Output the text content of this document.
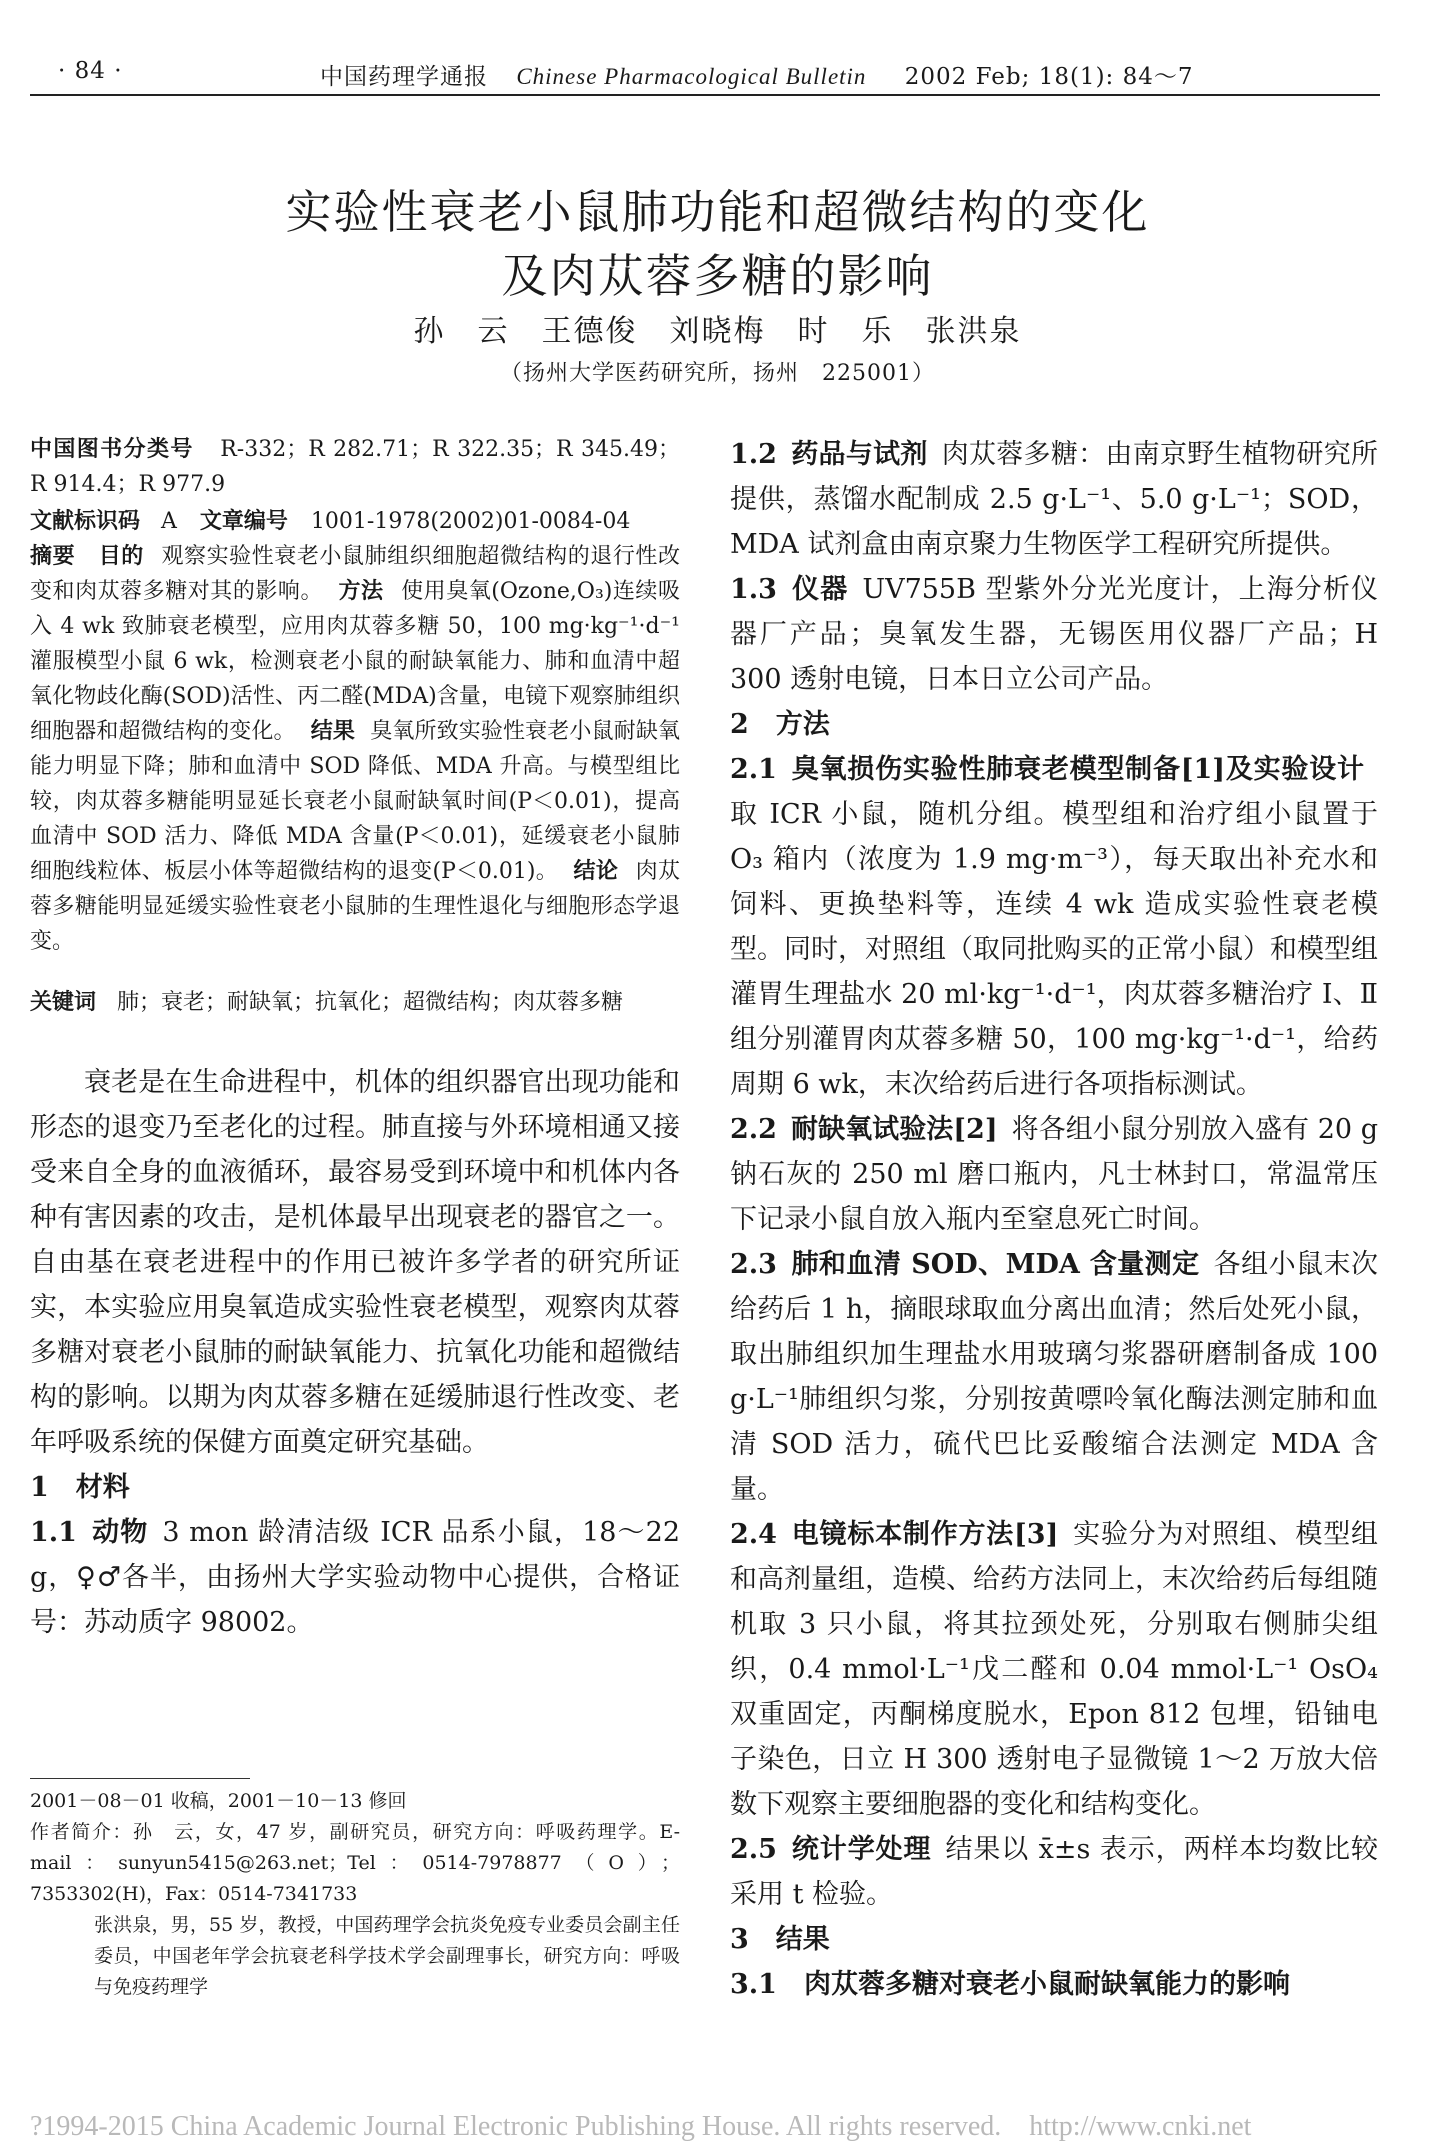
· 84 ·	中国药理学通报 Chinese Pharmacological Bulletin 2002 Feb; 18(1): 84～7
实验性衰老小鼠肺功能和超微结构的变化
及肉苁蓉多糖的影响
孙　云　王德俊　刘晓梅　时　乐　张洪泉
（扬州大学医药研究所，扬州　225001）

中国图书分类号 R-332；R 282.71；R 322.35；R 345.49；R 914.4；R 977.9

文献标识码 A 文章编号 1001-1978(2002)01-0084-04

摘要 目的 观察实验性衰老小鼠肺组织细胞超微结构的退行性改变和肉苁蓉多糖对其的影响。 方法 使用臭氧(Ozone,O₃)连续吸入 4 wk 致肺衰老模型，应用肉苁蓉多糖 50，100 mg·kg⁻¹·d⁻¹灌服模型小鼠 6 wk，检测衰老小鼠的耐缺氧能力、肺和血清中超氧化物歧化酶(SOD)活性、丙二醛(MDA)含量，电镜下观察肺组织细胞器和超微结构的变化。 结果 臭氧所致实验性衰老小鼠耐缺氧能力明显下降；肺和血清中 SOD 降低、MDA 升高。与模型组比较，肉苁蓉多糖能明显延长衰老小鼠耐缺氧时间(P＜0.01)，提高血清中 SOD 活力、降低 MDA 含量(P＜0.01)，延缓衰老小鼠肺细胞线粒体、板层小体等超微结构的退变(P＜0.01)。 结论 肉苁蓉多糖能明显延缓实验性衰老小鼠肺的生理性退化与细胞形态学退变。

关键词 肺；衰老；耐缺氧；抗氧化；超微结构；肉苁蓉多糖

衰老是在生命进程中，机体的组织器官出现功能和形态的退变乃至老化的过程。肺直接与外环境相通又接受来自全身的血液循环，最容易受到环境中和机体内各种有害因素的攻击，是机体最早出现衰老的器官之一。自由基在衰老进程中的作用已被许多学者的研究所证实，本实验应用臭氧造成实验性衰老模型，观察肉苁蓉多糖对衰老小鼠肺的耐缺氧能力、抗氧化功能和超微结构的影响。以期为肉苁蓉多糖在延缓肺退行性改变、老年呼吸系统的保健方面奠定研究基础。

1　材料

1.1 动物 3 mon 龄清洁级 ICR 品系小鼠，18～22 g，♀♂各半，由扬州大学实验动物中心提供，合格证号：苏动质字 98002。

2001－08－01 收稿，2001－10－13 修回

作者简介：孙　云，女，47 岁，副研究员，研究方向：呼吸药理学。E-mail：sunyun5415@263.net；Tel：0514-7978877（O）；7353302(H)，Fax：0514-7341733

张洪泉，男，55 岁，教授，中国药理学会抗炎免疫专业委员会副主任委员，中国老年学会抗衰老科学技术学会副理事长，研究方向：呼吸与免疫药理学

1.2 药品与试剂 肉苁蓉多糖：由南京野生植物研究所提供，蒸馏水配制成 2.5 g·L⁻¹、5.0 g·L⁻¹；SOD，MDA 试剂盒由南京聚力生物医学工程研究所提供。

1.3 仪器 UV755B 型紫外分光光度计，上海分析仪器厂产品；臭氧发生器，无锡医用仪器厂产品；H 300 透射电镜，日本日立公司产品。

2　方法

2.1 臭氧损伤实验性肺衰老模型制备[1]及实验设计取 ICR 小鼠，随机分组。模型组和治疗组小鼠置于 O₃ 箱内（浓度为 1.9 mg·m⁻³），每天取出补充水和饲料、更换垫料等，连续 4 wk 造成实验性衰老模型。同时，对照组（取同批购买的正常小鼠）和模型组灌胃生理盐水 20 ml·kg⁻¹·d⁻¹，肉苁蓉多糖治疗 Ⅰ、Ⅱ组分别灌胃肉苁蓉多糖 50，100 mg·kg⁻¹·d⁻¹，给药周期 6 wk，末次给药后进行各项指标测试。

2.2 耐缺氧试验法[2] 将各组小鼠分别放入盛有 20 g 钠石灰的 250 ml 磨口瓶内，凡士林封口，常温常压下记录小鼠自放入瓶内至窒息死亡时间。

2.3 肺和血清 SOD、MDA 含量测定 各组小鼠末次给药后 1 h，摘眼球取血分离出血清；然后处死小鼠，取出肺组织加生理盐水用玻璃匀浆器研磨制备成 100 g·L⁻¹肺组织匀浆，分别按黄嘌呤氧化酶法测定肺和血清 SOD 活力，硫代巴比妥酸缩合法测定 MDA 含量。

2.4 电镜标本制作方法[3] 实验分为对照组、模型组和高剂量组，造模、给药方法同上，末次给药后每组随机取 3 只小鼠，将其拉颈处死，分别取右侧肺尖组织，0.4 mmol·L⁻¹戊二醛和 0.04 mmol·L⁻¹ OsO₄ 双重固定，丙酮梯度脱水，Epon 812 包埋，铅铀电子染色，日立 H 300 透射电子显微镜 1～2 万放大倍数下观察主要细胞器的变化和结构变化。

2.5 统计学处理 结果以 x̄±s 表示，两样本均数比较采用 t 检验。

3　结果

3.1　肉苁蓉多糖对衰老小鼠耐缺氧能力的影响

?1994-2015 China Academic Journal Electronic Publishing House. All rights reserved.　http://www.cnki.net
